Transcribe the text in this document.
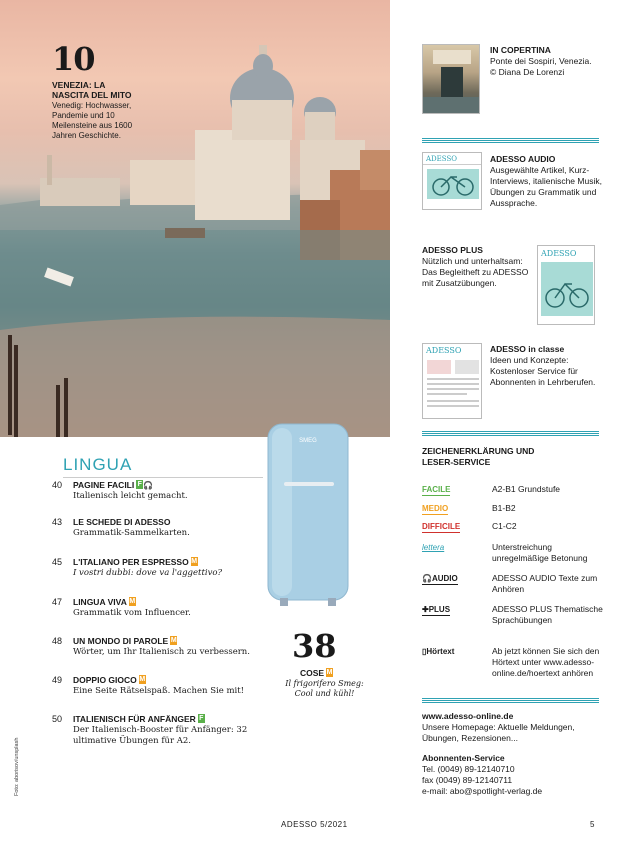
10
VENEZIA: LA NASCITA DEL MITO
Venedig: Hochwasser, Pandemie und 10 Meilensteine aus 1600 Jahren Geschichte.
IN COPERTINA
Ponte dei Sospiri, Venezia. © Diana De Lorenzi
ADESSO	ADESSO AUDIO
Ausgewählte Artikel, Kurz-Interviews, italienische Musik, Übungen zu Grammatik und Aussprache.
ADESSO PLUS
Nützlich und unterhaltsam: Das Begleitheft zu ADESSO mit Zusatzübungen.
ADESSO
ADESSO	ADESSO in classe
Ideen und Konzepte: Kostenloser Service für Abonnenten in Lehrberufen.
ZEICHENERKLÄRUNG UND LESER-SERVICE
FACILE	A2-B1 Grundstufe
MEDIO	B1-B2
DIFFICILE	C1-C2
lettera	Unterstreichung unregelmäßige Betonung
🎧AUDIO	ADESSO AUDIO Texte zum Anhören
✚PLUS	ADESSO PLUS Thematische Sprachübungen
▯Hörtext	Ab jetzt können Sie sich den Hörtext unter www.adesso-online.de/hoertext anhören
www.adesso-online.de
Unsere Homepage: Aktuelle Meldungen, Übungen, Rezensionen...
Abonnenten-Service
Tel. (0049) 89-12140710
fax (0049) 89-12140711
e-mail: abo@spotlight-verlag.de
LINGUA
40 PAGINE FACILI F🎧
Italienisch leicht gemacht.
43 LE SCHEDE DI ADESSO
Grammatik-Sammelkarten.
45 L'ITALIANO PER ESPRESSO M
I vostri dubbi: dove va l'aggettivo?
47 LINGUA VIVA M
Grammatik vom Influencer.
48 UN MONDO DI PAROLE M
Wörter, um Ihr Italienisch zu verbessern.
49 DOPPIO GIOCO M
Eine Seite Rätselspaß. Machen Sie mit!
50 ITALIENISCH FÜR ANFÄNGER F
Der Italienisch-Booster für Anfänger: 32 ultimative Übungen für A2.
SMEG
38
COSE M
Il frigorifero Smeg: Cool und kühl!
Foto: aborisov/unsplash
ADESSO 5/2021	5
